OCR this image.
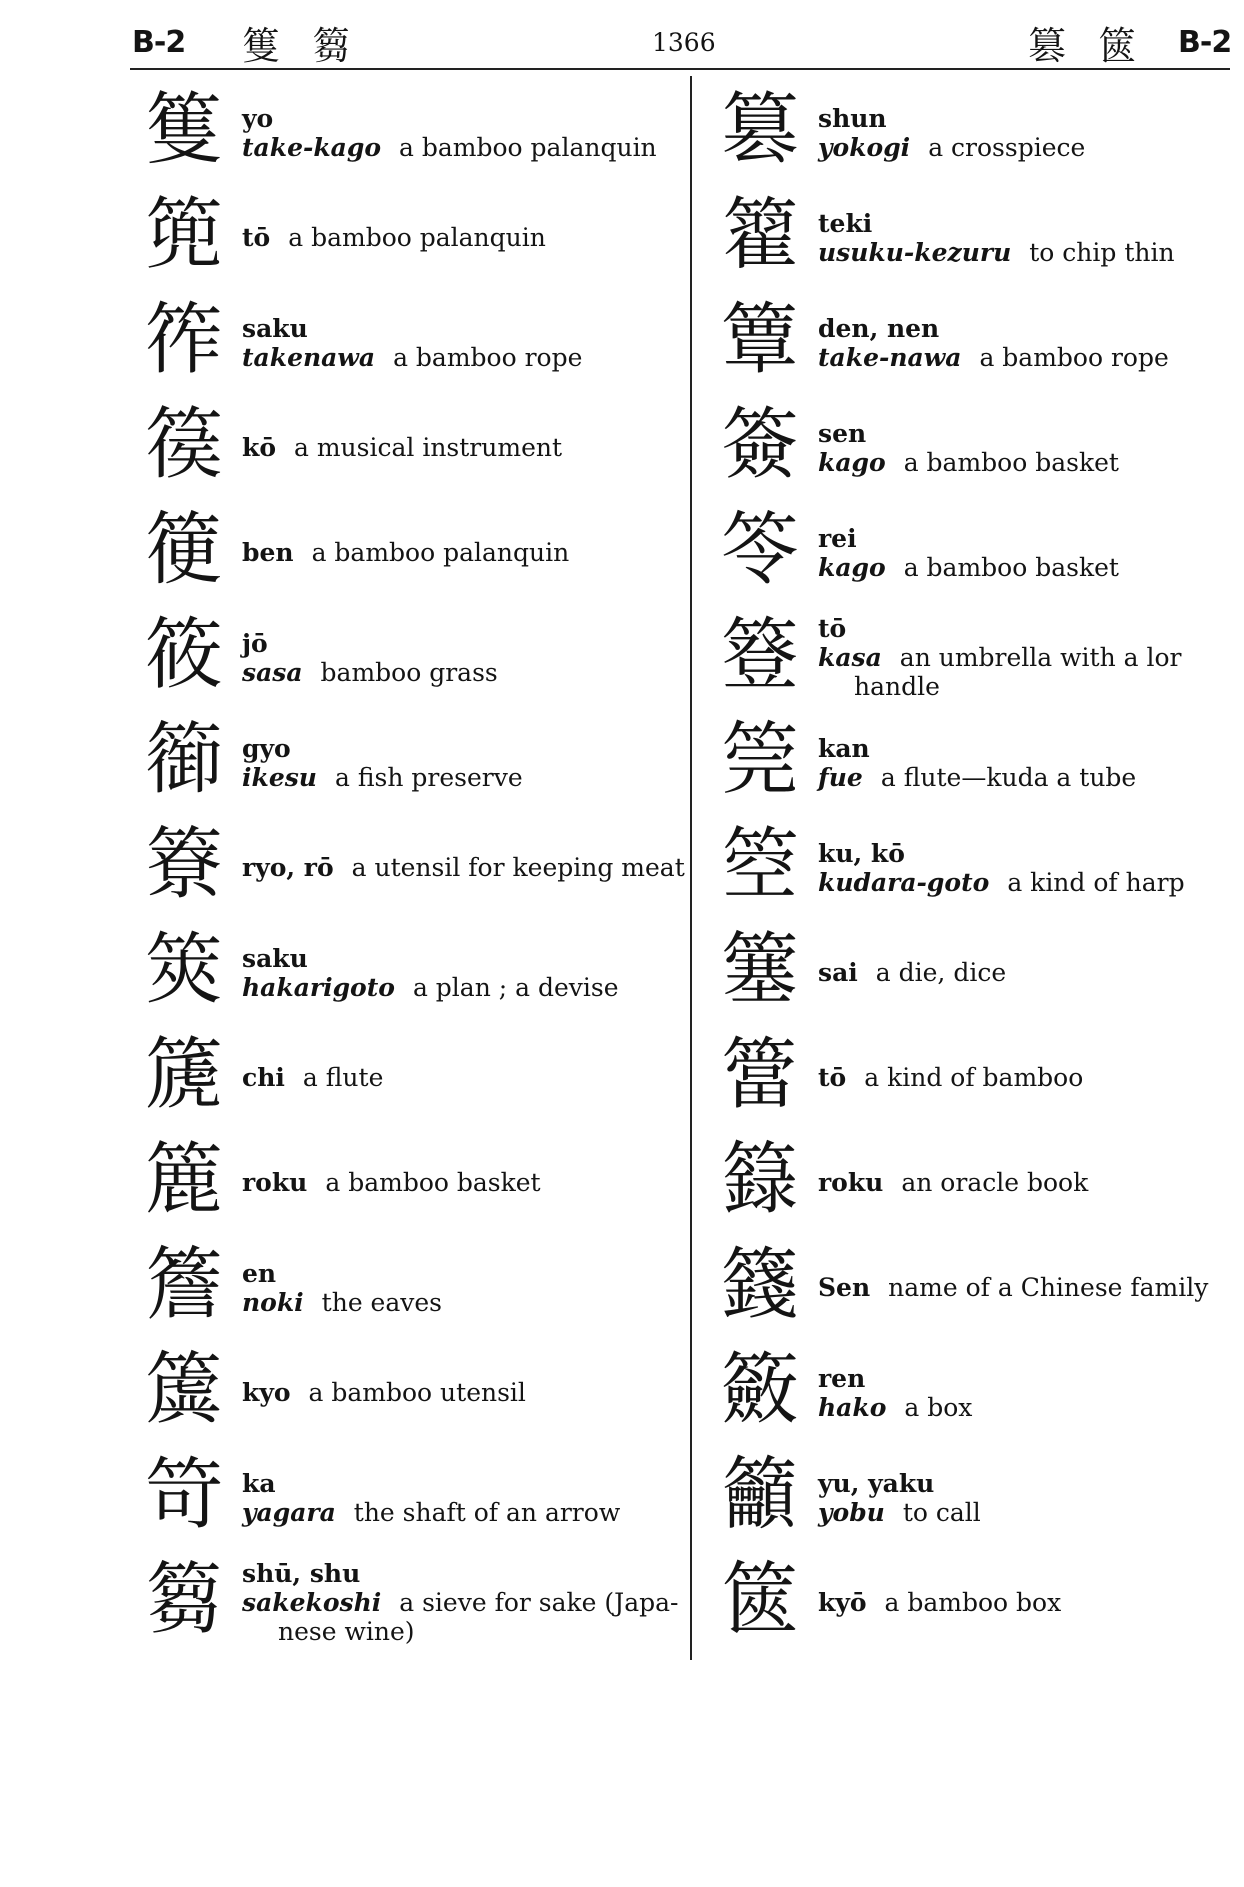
B-2 篗 篘	1366	篡 篋 B-2
篗 yo
take-kago a bamboo palanquin
篼 tō a bamboo palanquin
筰 saku
takenawa a bamboo rope
篌 kō a musical instrument
箯 ben a bamboo palanquin
筱 jō
sasa bamboo grass
篽 gyo
ikesu a fish preserve
簝 ryo, rō a utensil for keeping meat
筴 saku
hakarigoto a plan ; a devise
篪 chi a flute
簏 roku a bamboo basket
簷 en
noki the eaves
簴 kyo a bamboo utensil
笴 ka
yagara the shaft of an arrow
篘 shū, shu
sakekoshi a sieve for sake (Japa-
nese wine)
篡 shun
yokogi a crosspiece
籊 teki
usuku-kezuru to chip thin
簟 den, nen
take-nawa a bamboo rope
簽 sen
kago a bamboo basket
笭 rei
kago a bamboo basket
簦 tō
kasa an umbrella with a lor
handle
筦 kan
fue a flute—kuda a tube
箜 ku, kō
kudara-goto a kind of harp
簺 sai a die, dice
簹 tō a kind of bamboo
籙 roku an oracle book
籛 Sen name of a Chinese family
籢 ren
hako a box
籲 yu, yaku
yobu to call
篋 kyō a bamboo box
